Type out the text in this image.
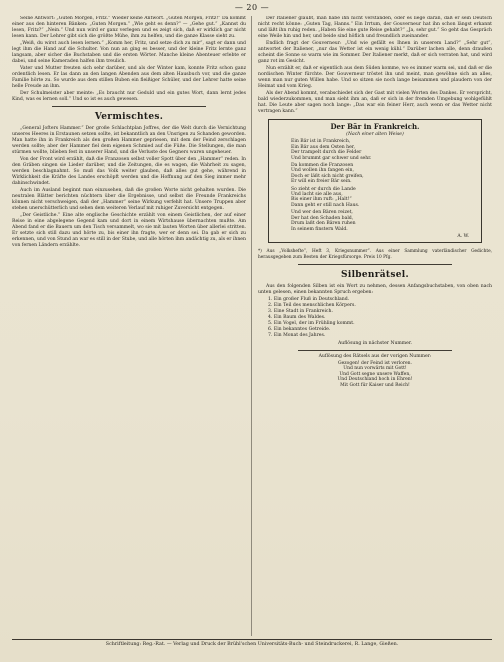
— 20 —

Seine Antwort: „Guten Morgen, Fritz.“ Wieder keine Antwort. „Guten Morgen, Fritz!“ Da kommt einer aus den hinteren Bänken: „Guten Morgen.“ „Wie geht es denn?“ — „Gehe gut.“ „Kannst du lesen, Fritz?“ „Nein.“ Und nun wird er ganz verlegen und es zeigt sich, daß er wirklich gar nicht lesen kann. Der Lehrer gibt sich die größte Mühe, ihm zu helfen, und die ganze Klasse sieht zu.

„Weiß, du wirst auch lesen lernen.“ „Komm her, Fritz, und setze dich zu mir“, sagt er dann und legt ihm die Hand auf die Schulter. Von nun an ging es besser, und der kleine Fritz lernte ganz langsam, aber sicher die Buchstaben und die ersten Wörter. Manche kleine Abenteuer erlebte er dabei, und seine Kameraden halfen ihm treulich.

Vater und Mutter freuten sich sehr darüber, und als der Winter kam, konnte Fritz schon ganz ordentlich lesen. Er las dann an den langen Abenden aus dem alten Hausbuch vor, und die ganze Familie hörte zu. So wurde aus dem stillen Buben ein fleißiger Schüler, und der Lehrer hatte seine helle Freude an ihm.

Der Schulmeister aber meinte: „Es braucht nur Geduld und ein gutes Wort, dann lernt jedes Kind, was es lernen soll.“ Und so ist es auch gewesen.

Vermischtes.

„General Jofters Hammer.“ Der große Schlachtplan Joffres, der die Welt durch die Vernichtung unseres Heeres in Erstaunen setzen sollte, ist bekanntlich an den Unsrigen zu Schanden geworden. Man hatte ihn in Frankreich als den großen Hammer gepriesen, mit dem der Feind zerschlagen werden sollte; aber der Hammer fiel dem eigenen Schmied auf die Füße. Die Stellungen, die man stürmen wollte, blieben fest in unserer Hand, und die Verluste des Gegners waren ungeheuer.

Von der Front wird erzählt, daß die Franzosen selbst voller Spott über den „Hammer“ reden. In den Gräben singen sie Lieder darüber, und die Zeitungen, die es wagen, die Wahrheit zu sagen, werden beschlagnahmt. So muß das Volk weiter glauben, daß alles gut gehe, während in Wirklichkeit die Kräfte des Landes erschöpft werden und die Hoffnung auf den Sieg immer mehr dahinschwindet.

Auch im Ausland beginnt man einzusehen, daß die großen Worte nicht gehalten wurden. Die neutralen Blätter berichten nüchtern über die Ergebnisse, und selbst die Freunde Frankreichs können nicht verschweigen, daß der „Hammer“ seine Wirkung verfehlt hat. Unsere Truppen aber stehen unerschütterlich und sehen dem weiteren Verlauf mit ruhiger Zuversicht entgegen.

„Der Geistliche.“ Eine alte englische Geschichte erzählt von einem Geistlichen, der auf einer Reise in eine abgelegene Gegend kam und dort in einem Wirtshause übernachten mußte. Am Abend fand er die Bauern um den Tisch versammelt, wo sie mit lauten Worten über allerlei stritten. Er setzte sich still dazu und hörte zu, bis einer ihn fragte, wer er denn sei. Da gab er sich zu erkennen, und von Stund an war es still in der Stube, und alle hörten ihm andächtig zu, als er ihnen von fernen Ländern erzählte.

Der Italiener glaubt, man habe ihn nicht verstanden, oder es liege daran, daß er sein Deutsch nicht recht könne: „Guten Tag, Hanns.“ Ein Irrtum, der Gouverneur hat ihn schon längst erkannt und läßt ihn ruhig reden. „Haben Sie eine gute Reise gehabt?“ „Ja, sehr gut.“ So geht das Gespräch eine Weile hin und her, und beide sind höflich und freundlich zueinander.

Endlich fragt der Gouverneur: „Und wie gefällt es Ihnen in unserem Land?“ „Sehr gut“, antwortet der Italiener, „nur das Wetter ist ein wenig kühl.“ Darüber lachen alle, denn draußen scheint die Sonne so warm wie im Sommer. Der Italiener merkt, daß er sich verraten hat, und wird ganz rot im Gesicht.

Nun erzählt er, daß er eigentlich aus dem Süden komme, wo es immer warm sei, und daß er die nordischen Winter fürchte. Der Gouverneur tröstet ihn und meint, man gewöhne sich an alles, wenn man nur guten Willen habe. Und so sitzen sie noch lange beisammen und plaudern von der Heimat und vom Krieg.

Als der Abend kommt, verabschiedet sich der Gast mit vielen Worten des Dankes. Er verspricht, bald wiederzukommen, und man sieht ihm an, daß er sich in der fremden Umgebung wohlgefühlt hat. Die Leute aber sagen noch lange: „Das war ein feiner Herr, auch wenn er das Wetter nicht vertragen kann.“

Der Bär in Frankreich.
(Nach einer alten Weise)
Ein Bär ist in Frankreich,
Ein Bär aus dem Osten her,
Der trampelt durch die Felder
Und brummt gar schwer und sehr.
Da kommen die Franzosen
Und wollen ihn fangen ein,
Doch er läßt sich nicht greifen,
Er will ein freier Bär sein.
So zieht er durch die Lande
Und lacht sie alle aus,
Bis einer ihm ruft: „Halt!“
Dann geht er still nach Haus.
Und wer den Bären reizet,
Der hat den Schaden bald,
Drum laßt den Bären ruhen
In seinem finstern Wald.
A. W.

*) Aus „Volkshefte“, Heft 3, Kriegsnummer“. Aus einer Sammlung vaterländischer Gedichte, herausgegeben zum Besten der Kriegsfürsorge. Preis 10 Pfg.

Silbenrätsel.

Aus den folgenden Silben ist ein Wort zu nehmen, dessen Anfangsbuchstaben, von oben nach unten gelesen, einen bekannten Spruch ergeben:

1. Ein großer Fluß in Deutschland.
2. Ein Teil des menschlichen Körpers.
3. Eine Stadt in Frankreich.
4. Ein Baum des Waldes.
5. Ein Vogel, der im Frühling kommt.
6. Ein bekanntes Getreide.
7. Ein Monat des Jahres.
Auflösung in nächster Nummer.
Auflösung des Rätsels aus der vorigen Nummer:
Gezogen! der Feind ist verloren.
Und nun vorwärts mit Gott!
Und Gott segne unsere Waffen,
Und Deutschland hoch in Ehren!
Mit Gott für Kaiser und Reich!
Schriftleitung: Reg.-Rat. — Verlag und Druck der Brühl'schen Universitäts-Buch- und Steindruckerei, R. Lange, Gießen.
